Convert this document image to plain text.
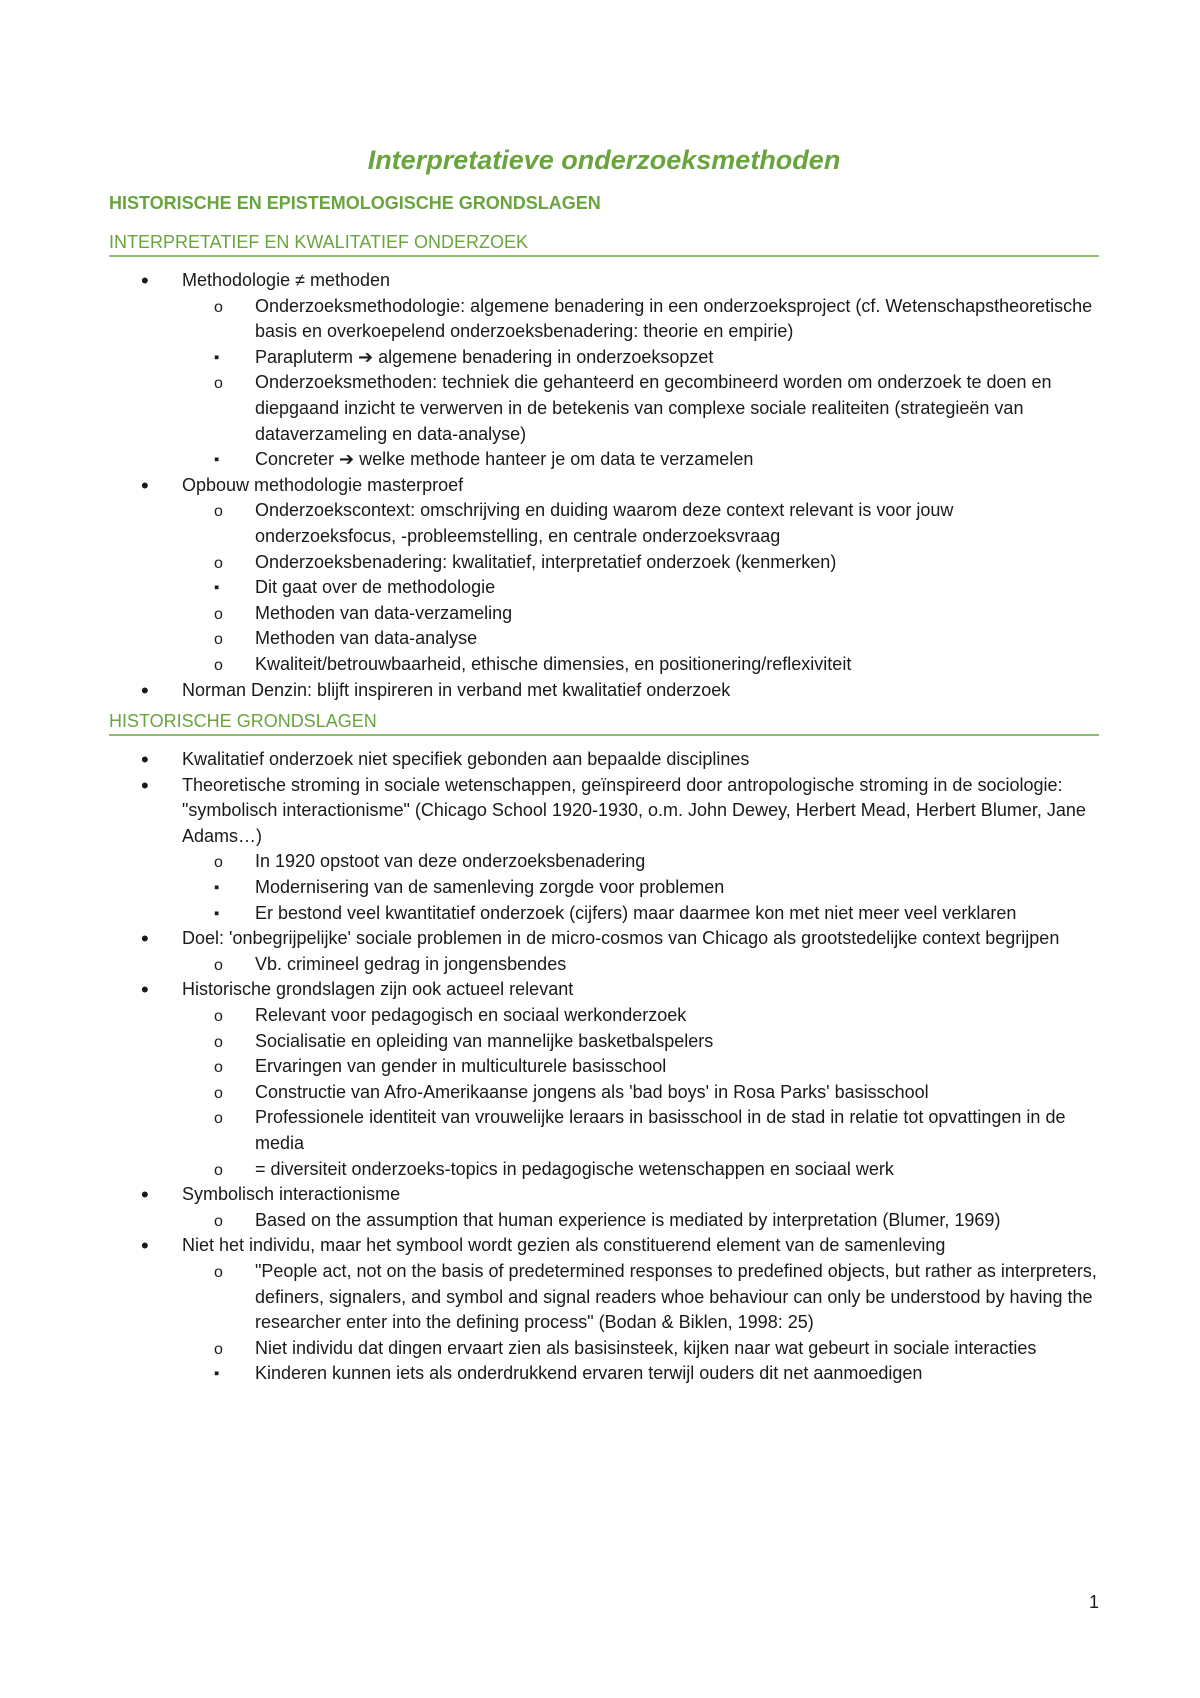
Interpretatieve onderzoeksmethoden
HISTORISCHE EN EPISTEMOLOGISCHE GRONDSLAGEN
INTERPRETATIEF EN KWALITATIEF ONDERZOEK
• Methodologie ≠ methoden
o Onderzoeksmethodologie: algemene benadering in een onderzoeksproject (cf. Wetenschapstheoretische basis en overkoepelend onderzoeksbenadering: theorie en empirie)
▪ Parapluterm ➔ algemene benadering in onderzoeksopzet
o Onderzoeksmethoden: techniek die gehanteerd en gecombineerd worden om onderzoek te doen en diepgaand inzicht te verwerven in de betekenis van complexe sociale realiteiten (strategieën van dataverzameling en data-analyse)
▪ Concreter ➔ welke methode hanteer je om data te verzamelen
• Opbouw methodologie masterproef
o Onderzoekscontext: omschrijving en duiding waarom deze context relevant is voor jouw onderzoeksfocus, -probleemstelling, en centrale onderzoeksvraag
o Onderzoeksbenadering: kwalitatief, interpretatief onderzoek (kenmerken)
▪ Dit gaat over de methodologie
o Methoden van data-verzameling
o Methoden van data-analyse
o Kwaliteit/betrouwbaarheid, ethische dimensies, en positionering/reflexiviteit
• Norman Denzin: blijft inspireren in verband met kwalitatief onderzoek
HISTORISCHE GRONDSLAGEN
• Kwalitatief onderzoek niet specifiek gebonden aan bepaalde disciplines
• Theoretische stroming in sociale wetenschappen, geïnspireerd door antropologische stroming in de sociologie: "symbolisch interactionisme" (Chicago School 1920-1930, o.m. John Dewey, Herbert Mead, Herbert Blumer, Jane Adams…)
o In 1920 opstoot van deze onderzoeksbenadering
▪ Modernisering van de samenleving zorgde voor problemen
▪ Er bestond veel kwantitatief onderzoek (cijfers) maar daarmee kon met niet meer veel verklaren
• Doel: 'onbegrijpelijke' sociale problemen in de micro-cosmos van Chicago als grootstedelijke context begrijpen
o Vb. crimineel gedrag in jongensbendes
• Historische grondslagen zijn ook actueel relevant
o Relevant voor pedagogisch en sociaal werkonderzoek
o Socialisatie en opleiding van mannelijke basketbalspelers
o Ervaringen van gender in multiculturele basisschool
o Constructie van Afro-Amerikaanse jongens als 'bad boys' in Rosa Parks' basisschool
o Professionele identiteit van vrouwelijke leraars in basisschool in de stad in relatie tot opvattingen in de media
o = diversiteit onderzoeks-topics in pedagogische wetenschappen en sociaal werk
• Symbolisch interactionisme
o Based on the assumption that human experience is mediated by interpretation (Blumer, 1969)
• Niet het individu, maar het symbool wordt gezien als constituerend element van de samenleving
o "People act, not on the basis of predetermined responses to predefined objects, but rather as interpreters, definers, signalers, and symbol and signal readers whoe behaviour can only be understood by having the researcher enter into the defining process" (Bodan & Biklen, 1998: 25)
o Niet individu dat dingen ervaart zien als basisinsteek, kijken naar wat gebeurt in sociale interacties
▪ Kinderen kunnen iets als onderdrukkend ervaren terwijl ouders dit net aanmoedigen
1
